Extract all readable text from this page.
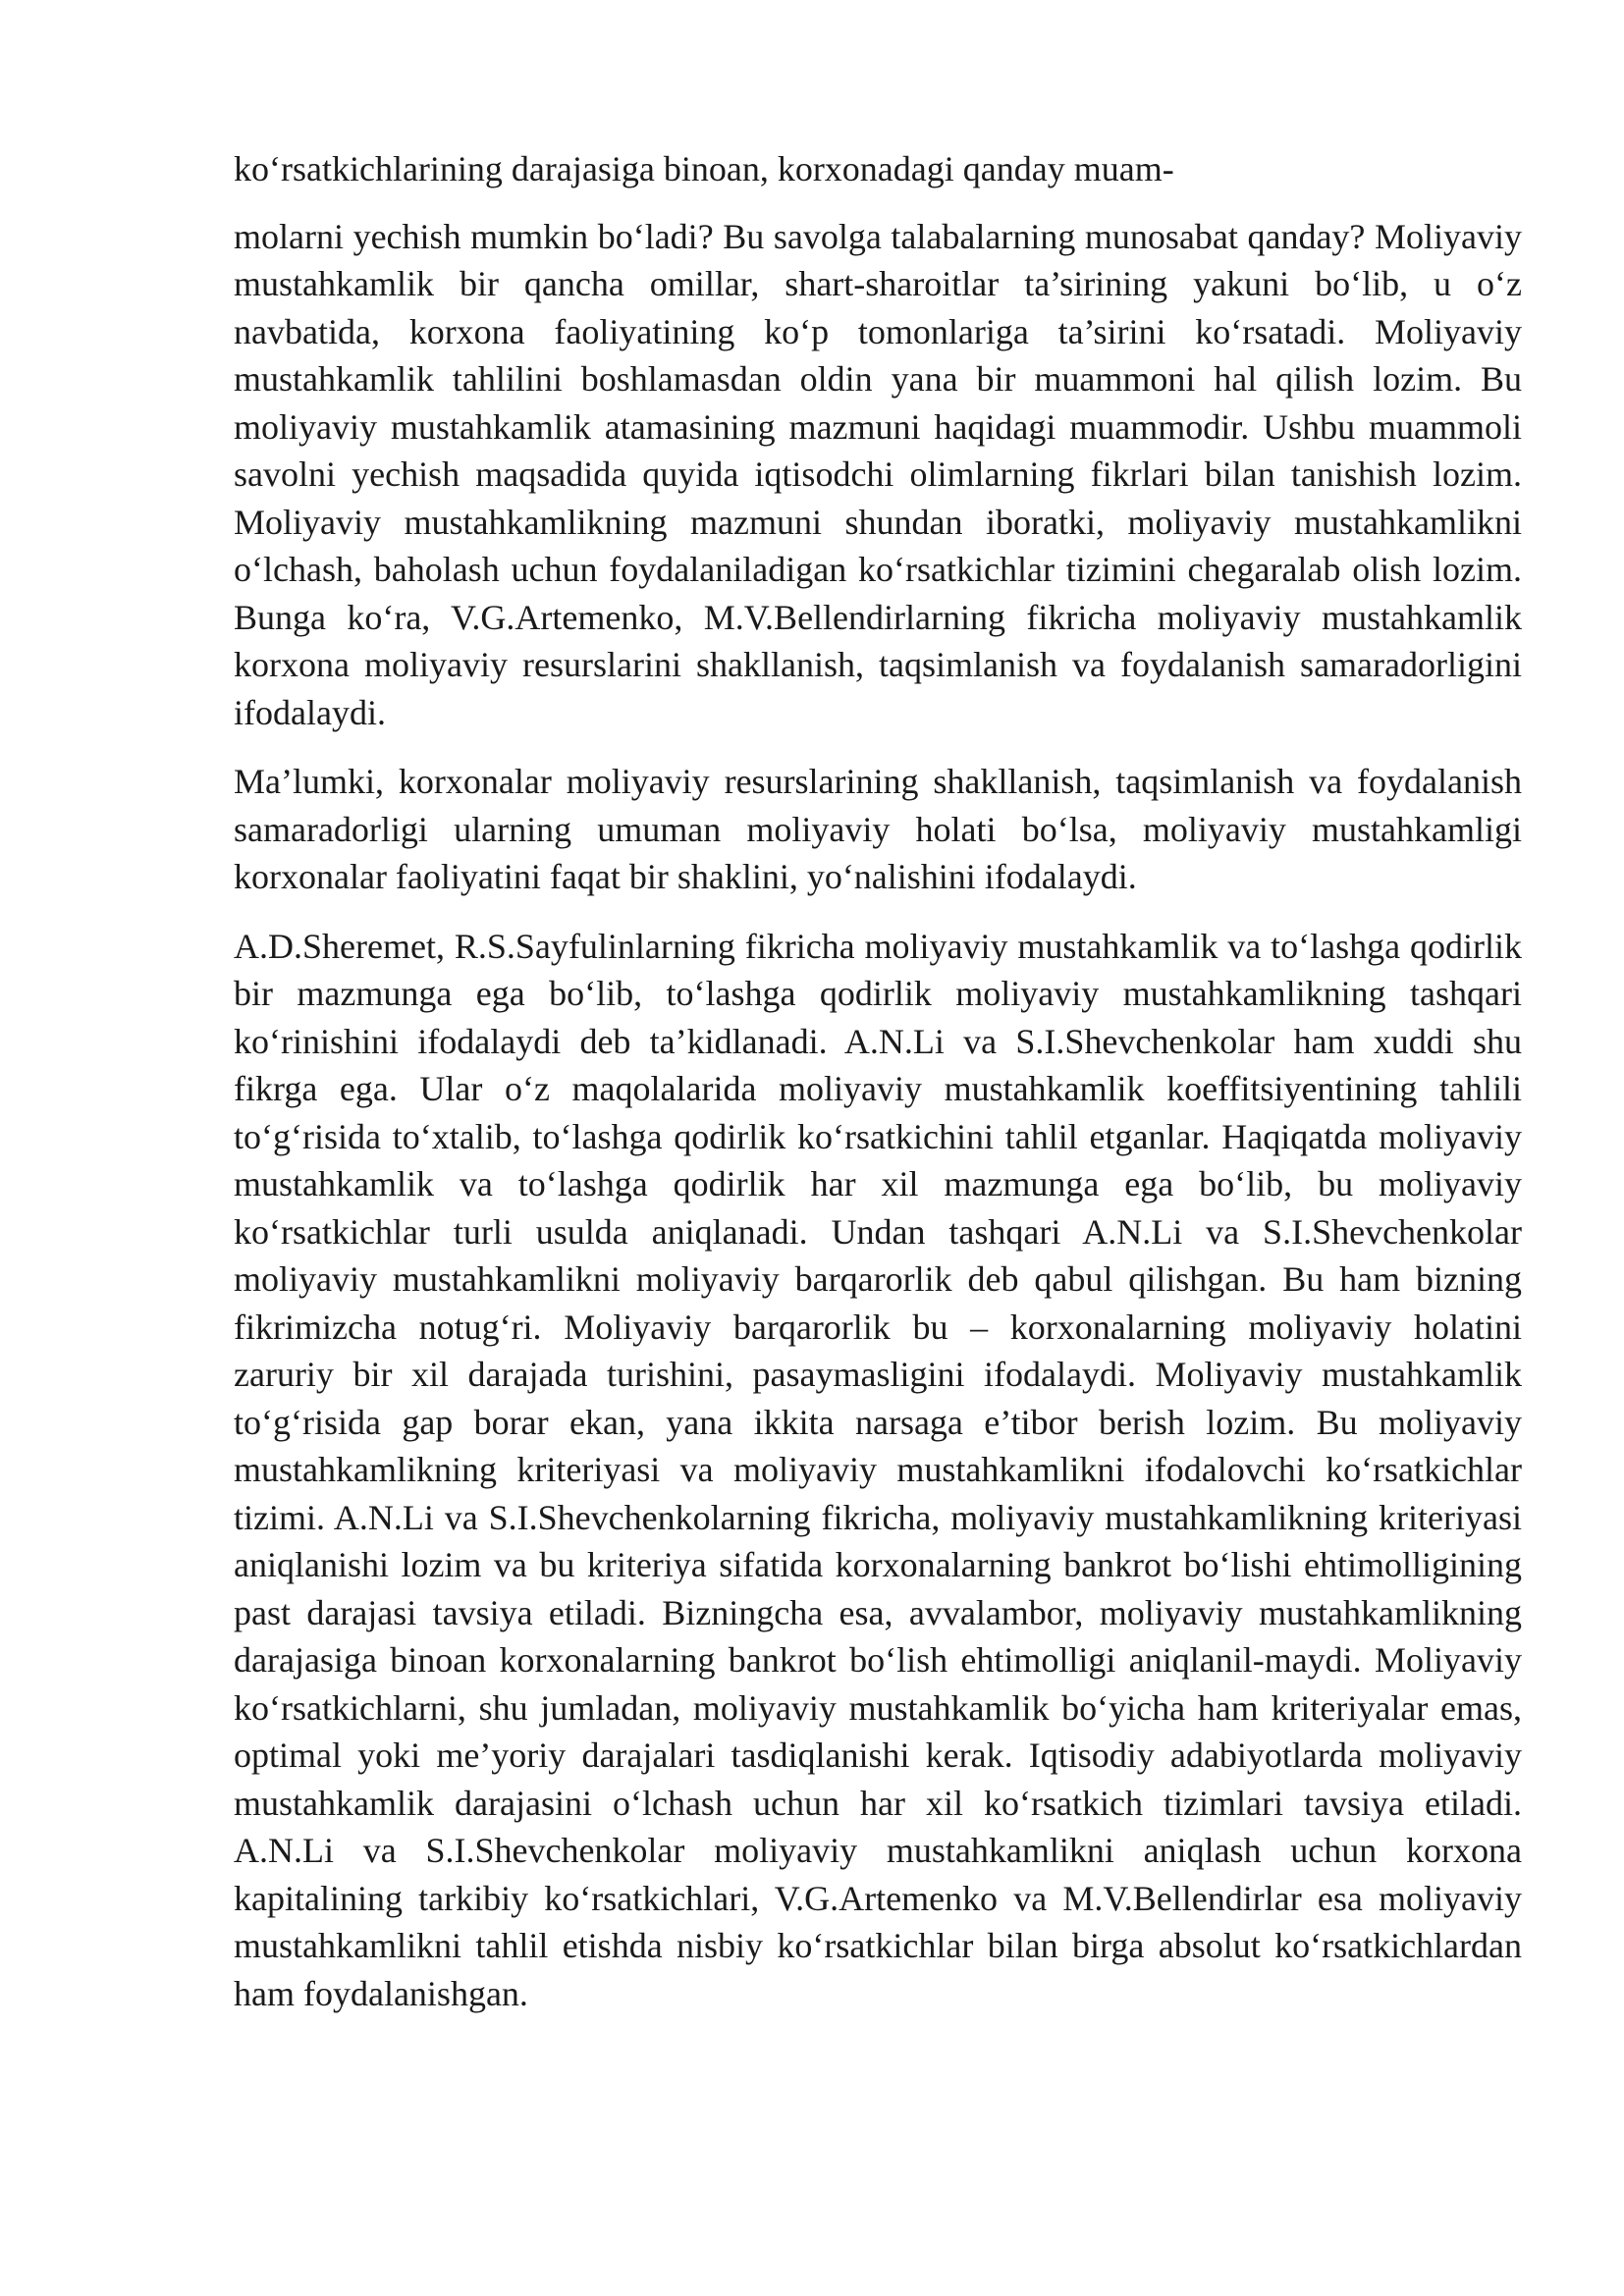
ko‘rsatkichlarining darajasiga binoan, korxonadagi qanday muam-

molarni yechish mumkin bo‘ladi? Bu savolga talabalarning munosabat qanday? Moliyaviy mustahkamlik bir qancha omillar, shart-sharoitlar ta’sirining yakuni bo‘lib, u o‘z navbatida, korxona faoliyatining ko‘p tomonlariga ta’sirini ko‘rsatadi. Moliyaviy mustahkamlik tahlilini boshlamasdan oldin yana bir muammoni hal qilish lozim. Bu moliyaviy mustahkamlik atamasining mazmuni haqidagi muammodir. Ushbu muammoli savolni yechish maqsadida quyida iqtisodchi olimlarning fikrlari bilan tanishish lozim. Moliyaviy mustahkamlikning mazmuni shundan iboratki, moliyaviy mustahkamlikni o‘lchash, baholash uchun foydalaniladigan ko‘rsatkichlar tizimini chegaralab olish lozim. Bunga ko‘ra, V.G.Artemenko, M.V.Bellendirlarning fikricha moliyaviy mustahkamlik korxona moliyaviy resurslarini shakllanish, taqsimlanish va foydalanish samaradorligini ifodalaydi.

Ma’lumki, korxonalar moliyaviy resurslarining shakllanish, taqsimlanish va foydalanish samaradorligi ularning umuman moliyaviy holati bo‘lsa, moliyaviy mustahkamligi korxonalar faoliyatini faqat bir shaklini, yo‘nalishini ifodalaydi.

A.D.Sheremet, R.S.Sayfulinlarning fikricha moliyaviy mustahkamlik va to‘lashga qodirlik bir mazmunga ega bo‘lib, to‘lashga qodirlik moliyaviy mustahkamlikning tashqari ko‘rinishini ifodalaydi deb ta’kidlanadi. A.N.Li va S.I.Shevchenkolar ham xuddi shu fikrga ega. Ular o‘z maqolalarida moliyaviy mustahkamlik koeffitsiyentining tahlili to‘g‘risida to‘xtalib, to‘lashga qodirlik ko‘rsatkichini tahlil etganlar. Haqiqatda moliyaviy mustahkamlik va to‘lashga qodirlik har xil mazmunga ega bo‘lib, bu moliyaviy ko‘rsatkichlar turli usulda aniqlanadi. Undan tashqari A.N.Li va S.I.Shevchenkolar moliyaviy mustahkamlikni moliyaviy barqarorlik deb qabul qilishgan. Bu ham bizning fikrimizcha notug‘ri. Moliyaviy barqarorlik bu – korxonalarning moliyaviy holatini zaruriy bir xil darajada turishini, pasaymasligini ifodalaydi. Moliyaviy mustahkamlik to‘g‘risida gap borar ekan, yana ikkita narsaga e’tibor berish lozim. Bu moliyaviy mustahkamlikning kriteriyasi va moliyaviy mustahkamlikni ifodalovchi ko‘rsatkichlar tizimi. A.N.Li va S.I.Shevchenkolarning fikricha, moliyaviy mustahkamlikning kriteriyasi aniqlanishi lozim va bu kriteriya sifatida korxonalarning bankrot bo‘lishi ehtimolligining past darajasi tavsiya etiladi. Bizningcha esa, avvalambor, moliyaviy mustahkamlikning darajasiga binoan korxonalarning bankrot bo‘lish ehtimolligi aniqlanil-maydi. Moliyaviy ko‘rsatkichlarni, shu jumladan, moliyaviy mustahkamlik bo‘yicha ham kriteriyalar emas, optimal yoki me’yoriy darajalari tasdiqlanishi kerak. Iqtisodiy adabiyotlarda moliyaviy mustahkamlik darajasini o‘lchash uchun har xil ko‘rsatkich tizimlari tavsiya etiladi. A.N.Li va S.I.Shevchenkolar moliyaviy mustahkamlikni aniqlash uchun korxona kapitalining tarkibiy ko‘rsatkichlari, V.G.Artemenko va M.V.Bellendirlar esa moliyaviy mustahkamlikni tahlil etishda nisbiy ko‘rsatkichlar bilan birga absolut ko‘rsatkichlardan ham foydalanishgan.
